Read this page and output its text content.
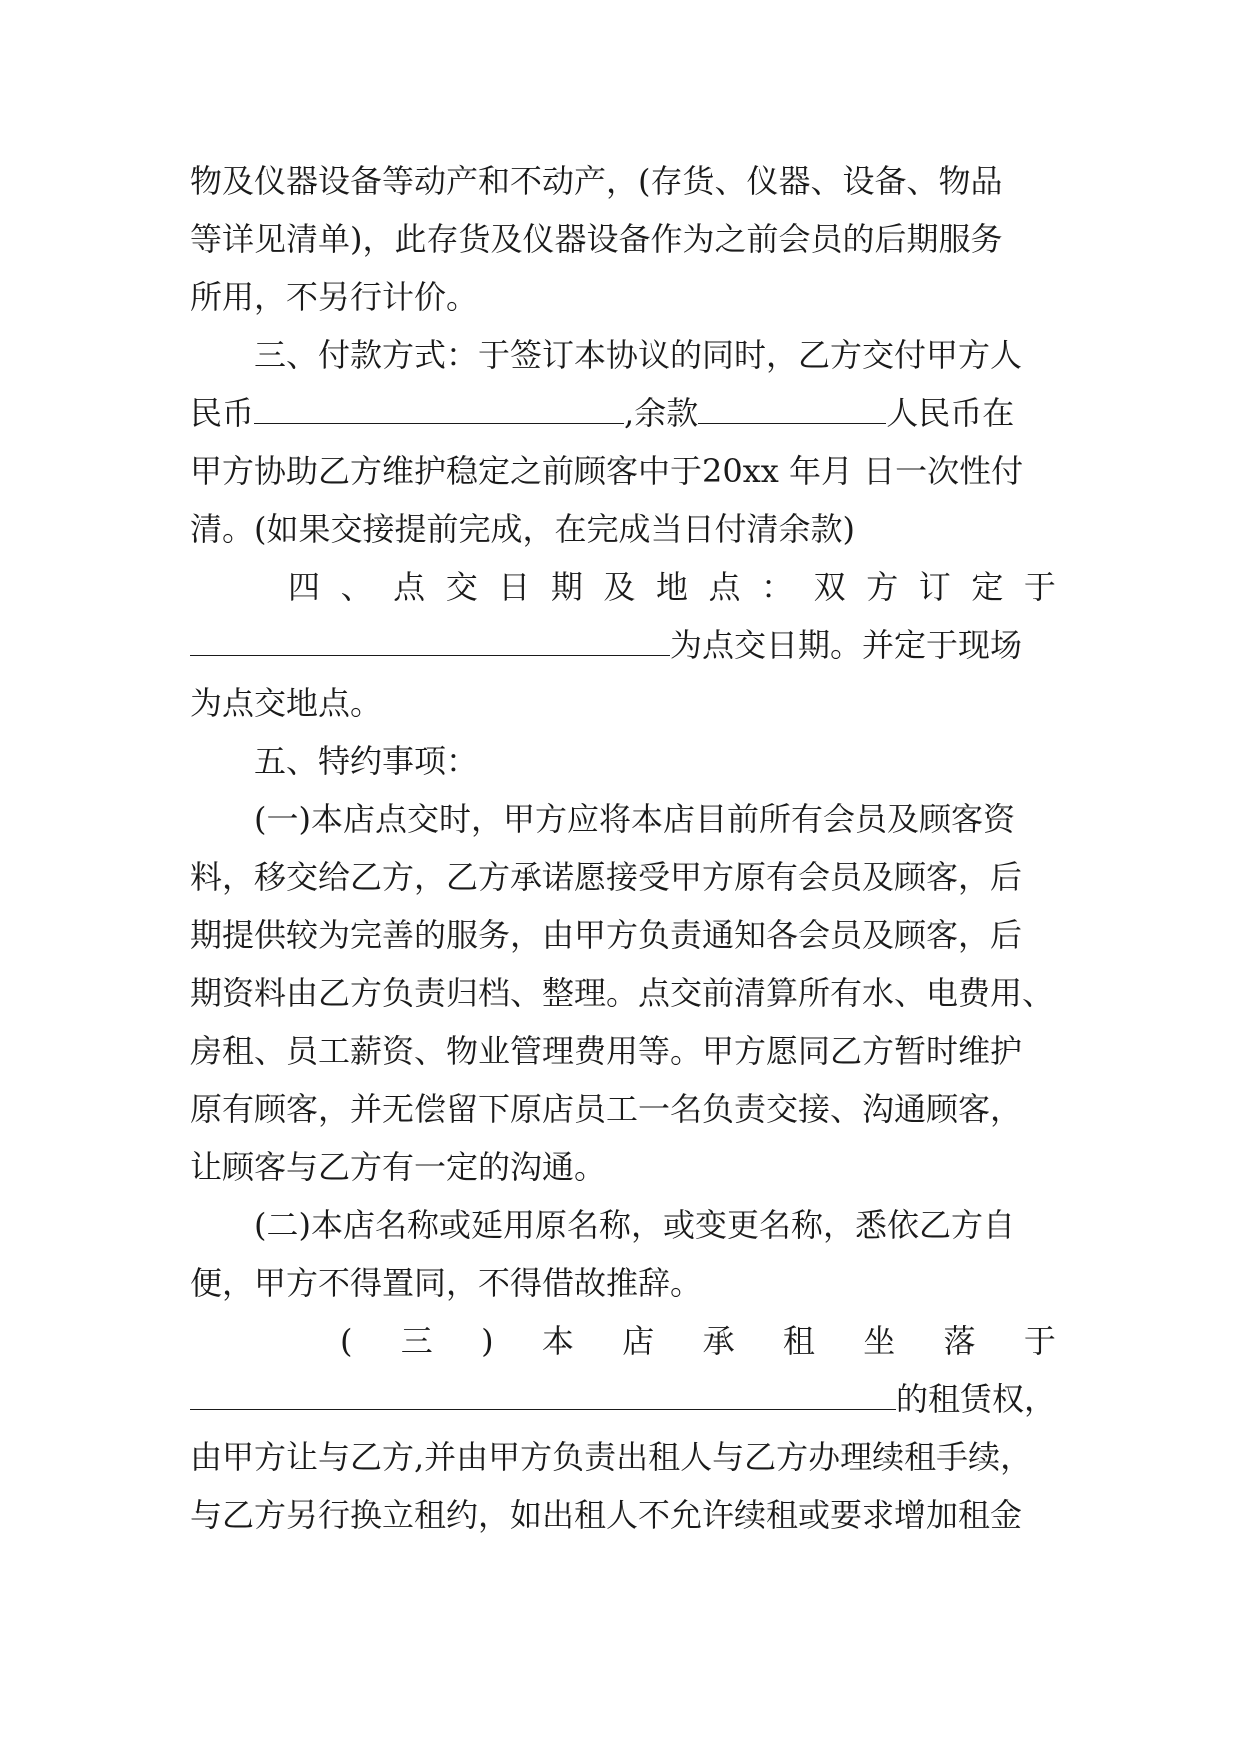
物及仪器设备等动产和不动产，(存货、仪器、设备、物品
等详见清单)，此存货及仪器设备作为之前会员的后期服务
所用，不另行计价。
三、付款方式：于签订本协议的同时，乙方交付甲方人
民币	,余款	人民币在
甲方协助乙方维护稳定之前顾客中于20xx 年月 日一次性付
清。(如果交接提前完成，在完成当日付清余款)
四 、 点 交 日 期 及 地 点 ： 双 方 订 定 于
为点交日期。并定于现场
为点交地点。
五、特约事项：
(一)本店点交时，甲方应将本店目前所有会员及顾客资
料，移交给乙方，乙方承诺愿接受甲方原有会员及顾客，后
期提供较为完善的服务，由甲方负责通知各会员及顾客，后
期资料由乙方负责归档、整理。点交前清算所有水、电费用、
房租、员工薪资、物业管理费用等。甲方愿同乙方暂时维护
原有顾客，并无偿留下原店员工一名负责交接、沟通顾客，
让顾客与乙方有一定的沟通。
(二)本店名称或延用原名称，或变更名称，悉依乙方自
便，甲方不得置同，不得借故推辞。
( 三 ) 本 店 承 租 坐 落 于
的租赁权，
由甲方让与乙方,并由甲方负责出租人与乙方办理续租手续，
与乙方另行换立租约，如出租人不允许续租或要求增加租金
